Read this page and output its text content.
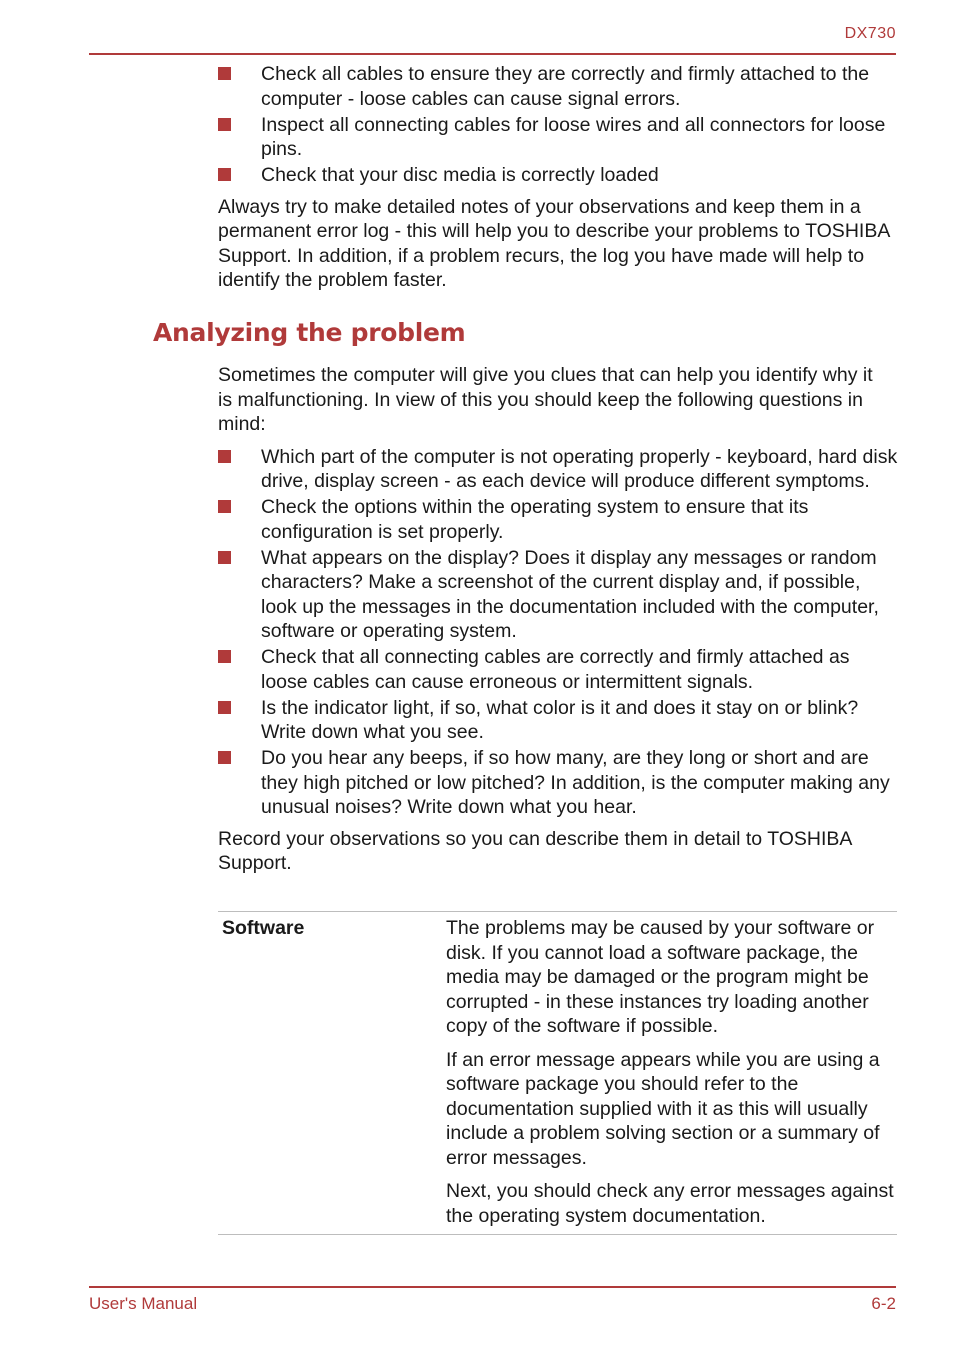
DX730
Check all cables to ensure they are correctly and firmly attached to the computer - loose cables can cause signal errors.
Inspect all connecting cables for loose wires and all connectors for loose pins.
Check that your disc media is correctly loaded

Always try to make detailed notes of your observations and keep them in a permanent error log - this will help you to describe your problems to TOSHIBA Support. In addition, if a problem recurs, the log you have made will help to identify the problem faster.

Analyzing the problem

Sometimes the computer will give you clues that can help you identify why it is malfunctioning. In view of this you should keep the following questions in mind:

Which part of the computer is not operating properly - keyboard, hard disk drive, display screen - as each device will produce different symptoms.
Check the options within the operating system to ensure that its configuration is set properly.
What appears on the display? Does it display any messages or random characters? Make a screenshot of the current display and, if possible, look up the messages in the documentation included with the computer, software or operating system.
Check that all connecting cables are correctly and firmly attached as loose cables can cause erroneous or intermittent signals.
Is the indicator light, if so, what color is it and does it stay on or blink? Write down what you see.
Do you hear any beeps, if so how many, are they long or short and are they high pitched or low pitched? In addition, is the computer making any unusual noises? Write down what you hear.

Record your observations so you can describe them in detail to TOSHIBA Support.

Software	The problems may be caused by your software or disk. If you cannot load a software package, the media may be damaged or the program might be corrupted - in these instances try loading another copy of the software if possible.

If an error message appears while you are using a software package you should refer to the documentation supplied with it as this will usually include a problem solving section or a summary of error messages.

Next, you should check any error messages against the operating system documentation.

User's Manual	6-2
